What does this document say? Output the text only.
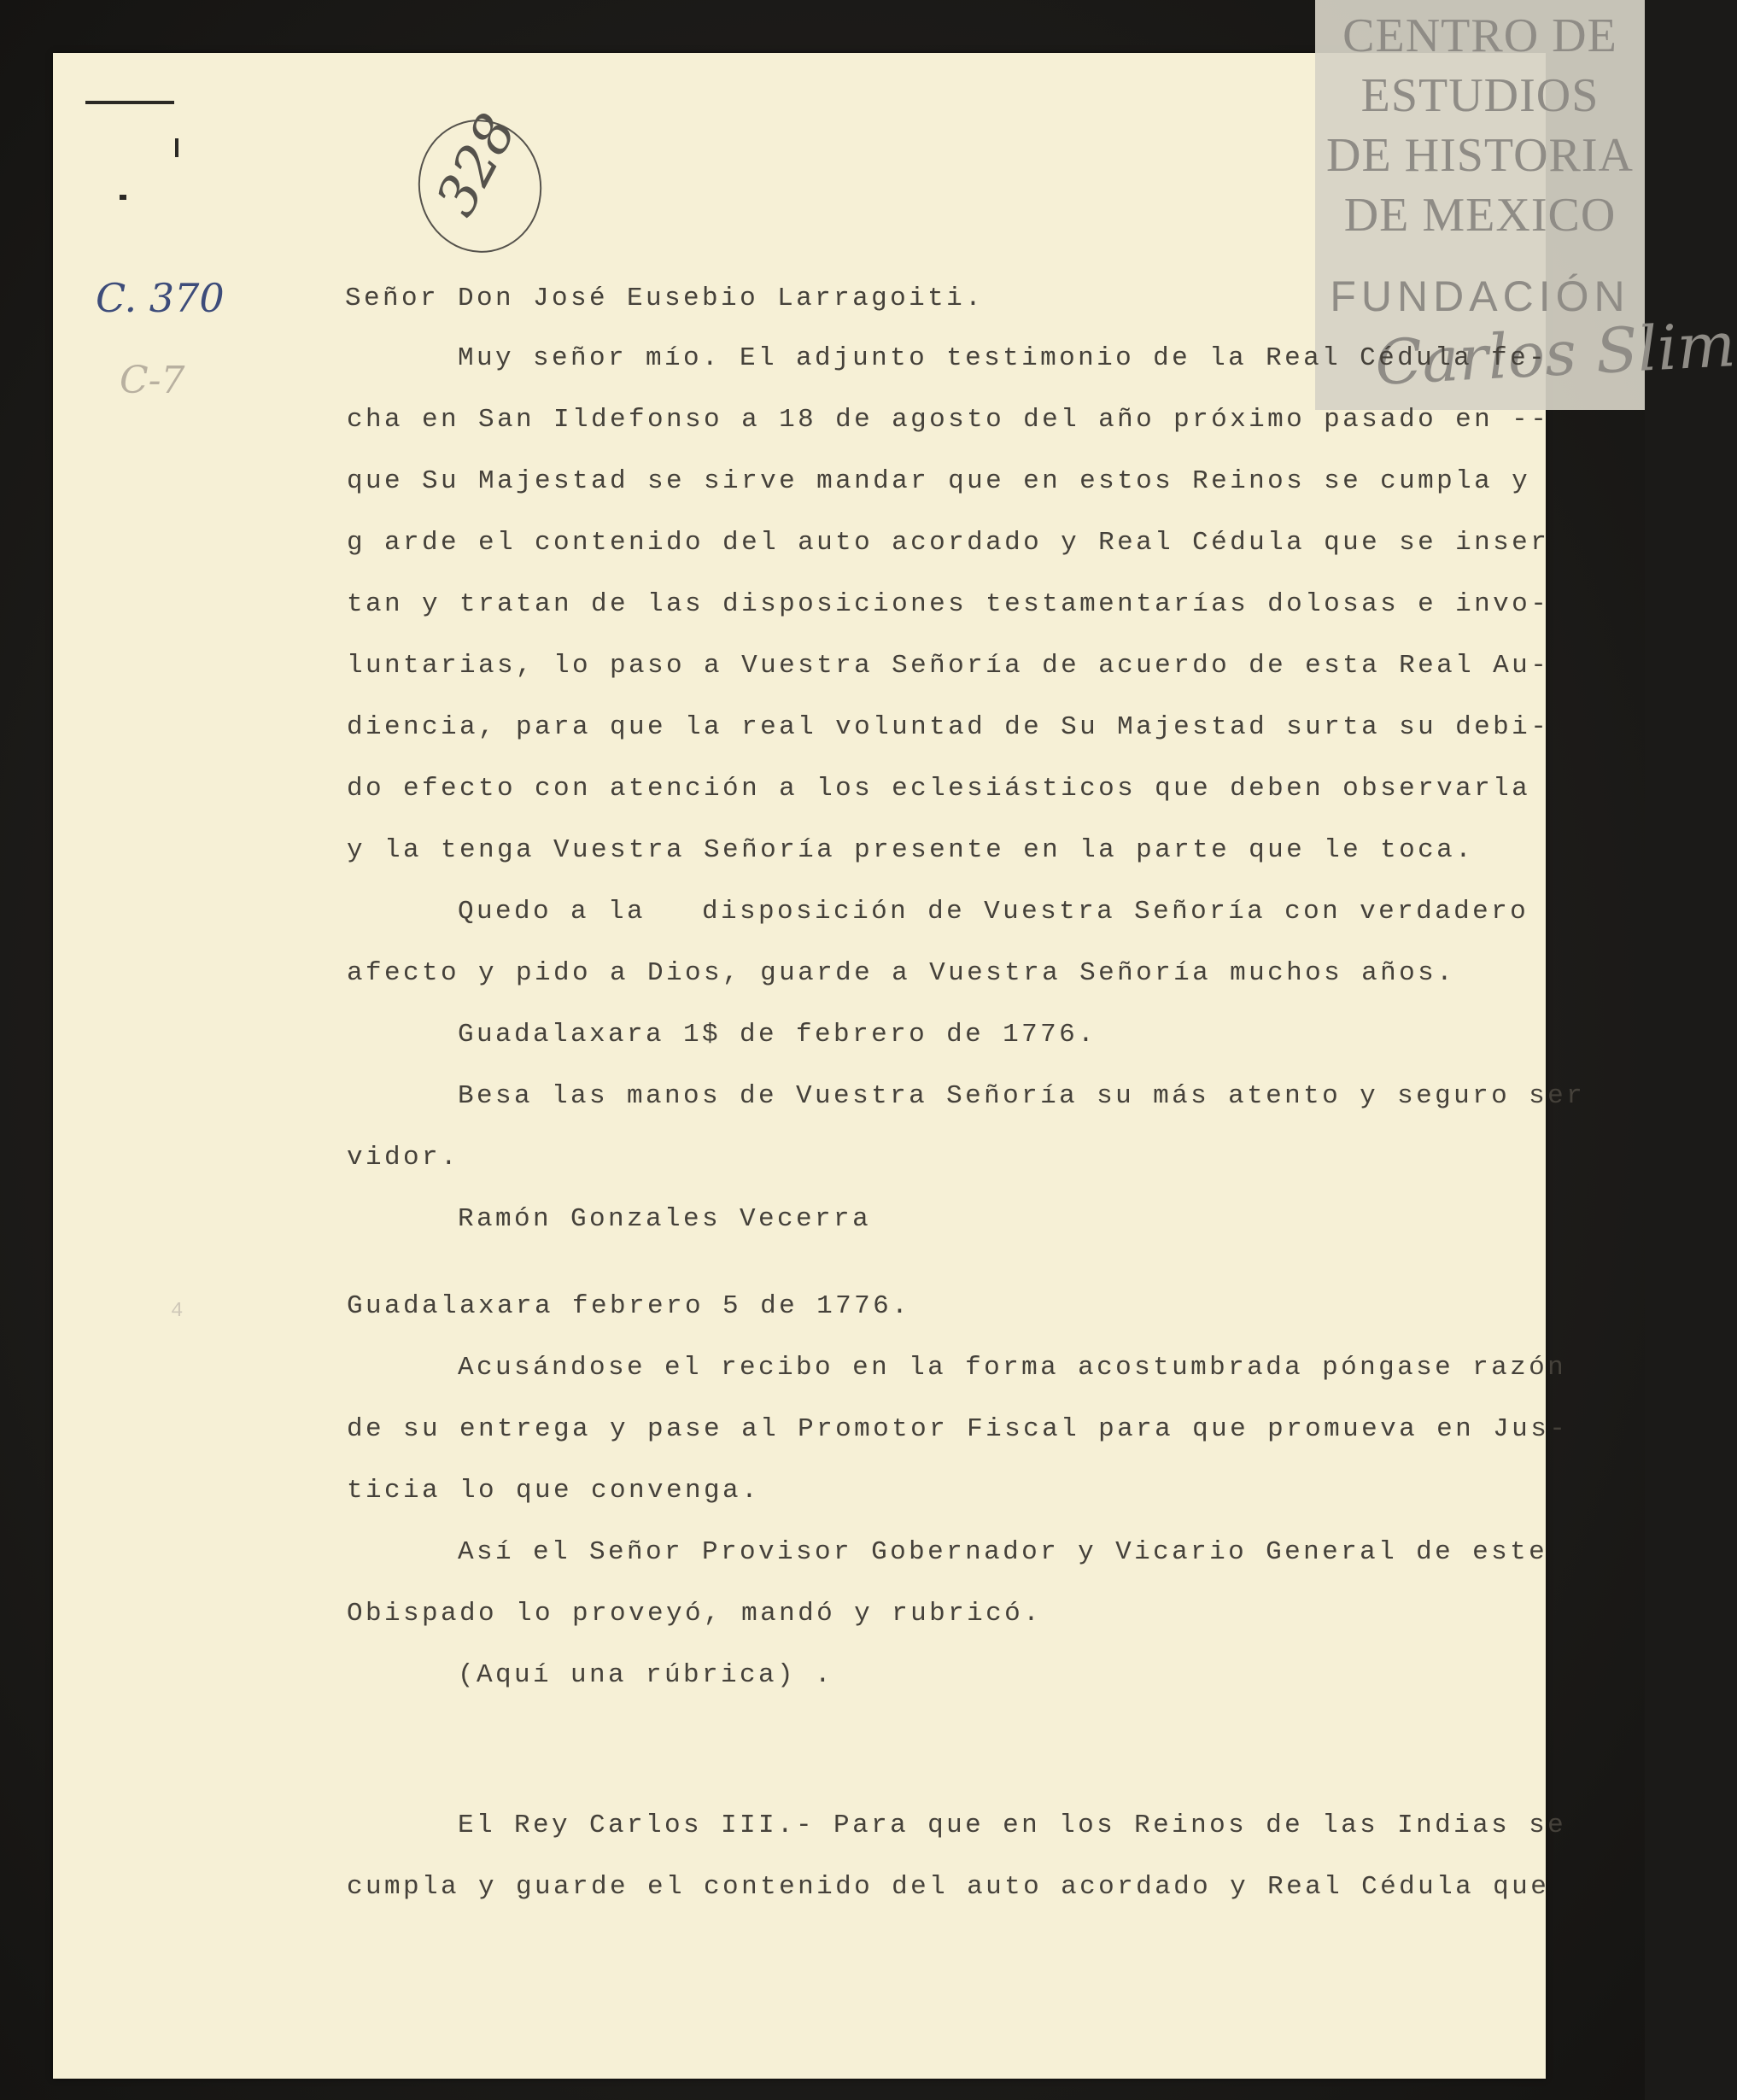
CENTRO DE
ESTUDIOS
DE HISTORIA
DE MEXICO
FUNDACIÓN
Carlos Slim
328
C. 370
C-7
Señor Don José Eusebio Larragoiti.
Muy señor mío. El adjunto testimonio de la Real Cédula fe-
cha en San Ildefonso a 18 de agosto del año próximo pasado en --
que Su Majestad se sirve mandar que en estos Reinos se cumpla y
g arde el contenido del auto acordado y Real Cédula que se inser
tan y tratan de las disposiciones testamentarías dolosas e invo-
luntarias, lo paso a Vuestra Señoría de acuerdo de esta Real Au-
diencia, para que la real voluntad de Su Majestad surta su debi-
do efecto con atención a los eclesiásticos que deben observarla
y la tenga Vuestra Señoría presente en la parte que le toca.
Quedo a la   disposición de Vuestra Señoría con verdadero
afecto y pido a Dios, guarde a Vuestra Señoría muchos años.
Guadalaxara 1$ de febrero de 1776.
Besa las manos de Vuestra Señoría su más atento y seguro ser
vidor.
Ramón Gonzales Vecerra
4	Guadalaxara febrero 5 de 1776.
Acusándose el recibo en la forma acostumbrada póngase razón
de su entrega y pase al Promotor Fiscal para que promueva en Jus-
ticia lo que convenga.
Así el Señor Provisor Gobernador y Vicario General de este
Obispado lo proveyó, mandó y rubricó.
(Aquí una rúbrica) .
El Rey Carlos III.- Para que en los Reinos de las Indias se
cumpla y guarde el contenido del auto acordado y Real Cédula que
